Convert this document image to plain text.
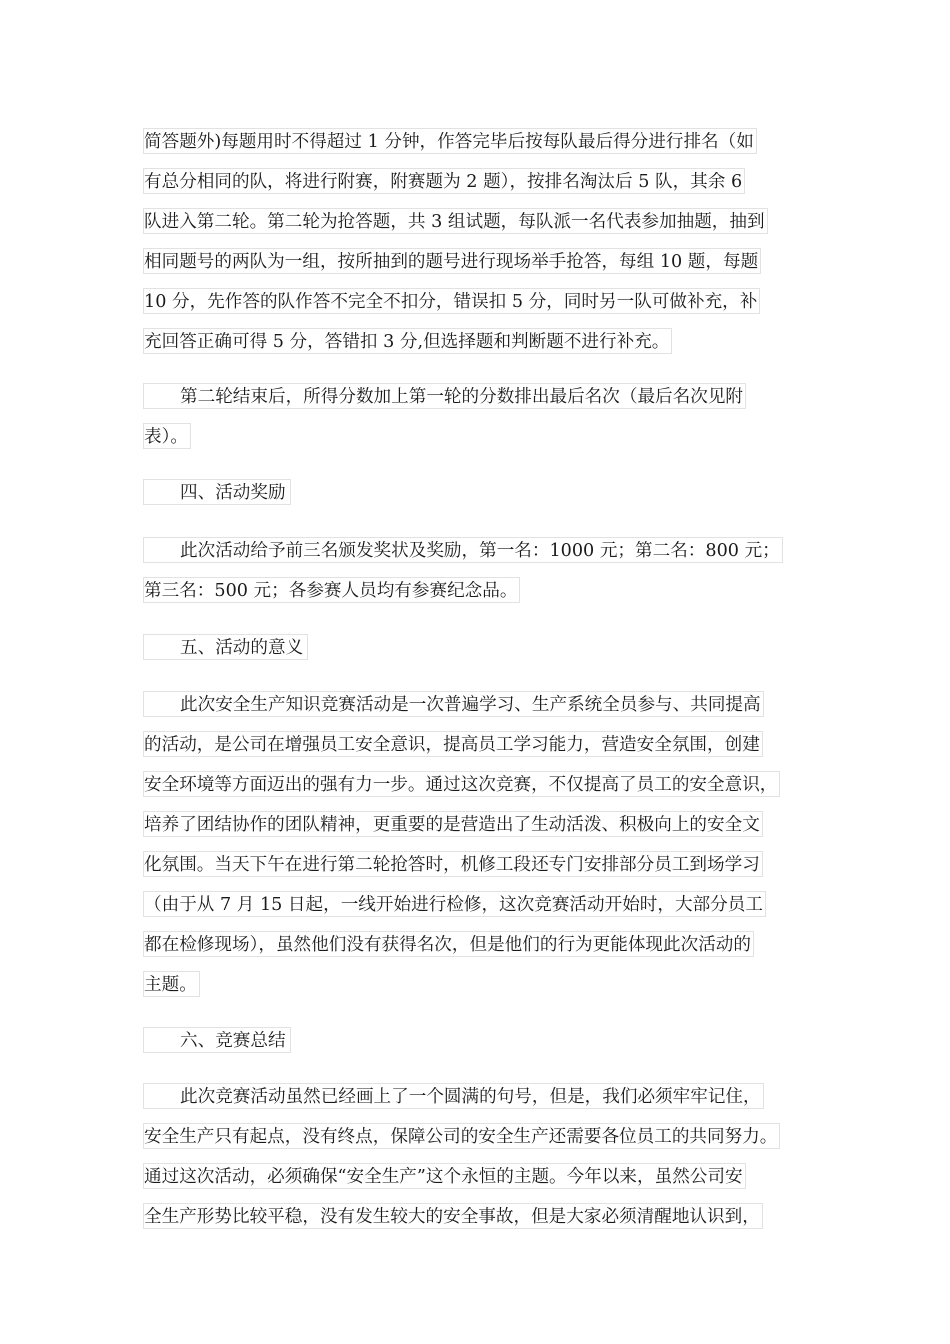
简答题外)每题用时不得超过 1 分钟，作答完毕后按每队最后得分进行排名（如
有总分相同的队，将进行附赛，附赛题为 2 题），按排名淘汰后 5 队，其余 6
队进入第二轮。第二轮为抢答题，共 3 组试题，每队派一名代表参加抽题，抽到
相同题号的两队为一组，按所抽到的题号进行现场举手抢答，每组 10 题，每题
10 分，先作答的队作答不完全不扣分，错误扣 5 分，同时另一队可做补充，补
充回答正确可得 5 分，答错扣 3 分,但选择题和判断题不进行补充。
第二轮结束后，所得分数加上第一轮的分数排出最后名次（最后名次见附
表）。
四、活动奖励
此次活动给予前三名颁发奖状及奖励，第一名：1000 元；第二名：800 元；
第三名：500 元；各参赛人员均有参赛纪念品。
五、活动的意义
此次安全生产知识竞赛活动是一次普遍学习、生产系统全员参与、共同提高
的活动，是公司在增强员工安全意识，提高员工学习能力，营造安全氛围，创建
安全环境等方面迈出的强有力一步。通过这次竞赛，不仅提高了员工的安全意识，
培养了团结协作的团队精神，更重要的是营造出了生动活泼、积极向上的安全文
化氛围。当天下午在进行第二轮抢答时，机修工段还专门安排部分员工到场学习
（由于从 7 月 15 日起，一线开始进行检修，这次竞赛活动开始时，大部分员工
都在检修现场），虽然他们没有获得名次，但是他们的行为更能体现此次活动的
主题。
六、竞赛总结
此次竞赛活动虽然已经画上了一个圆满的句号，但是，我们必须牢牢记住，
安全生产只有起点，没有终点，保障公司的安全生产还需要各位员工的共同努力。
通过这次活动，必须确保“安全生产”这个永恒的主题。今年以来，虽然公司安
全生产形势比较平稳，没有发生较大的安全事故，但是大家必须清醒地认识到，
